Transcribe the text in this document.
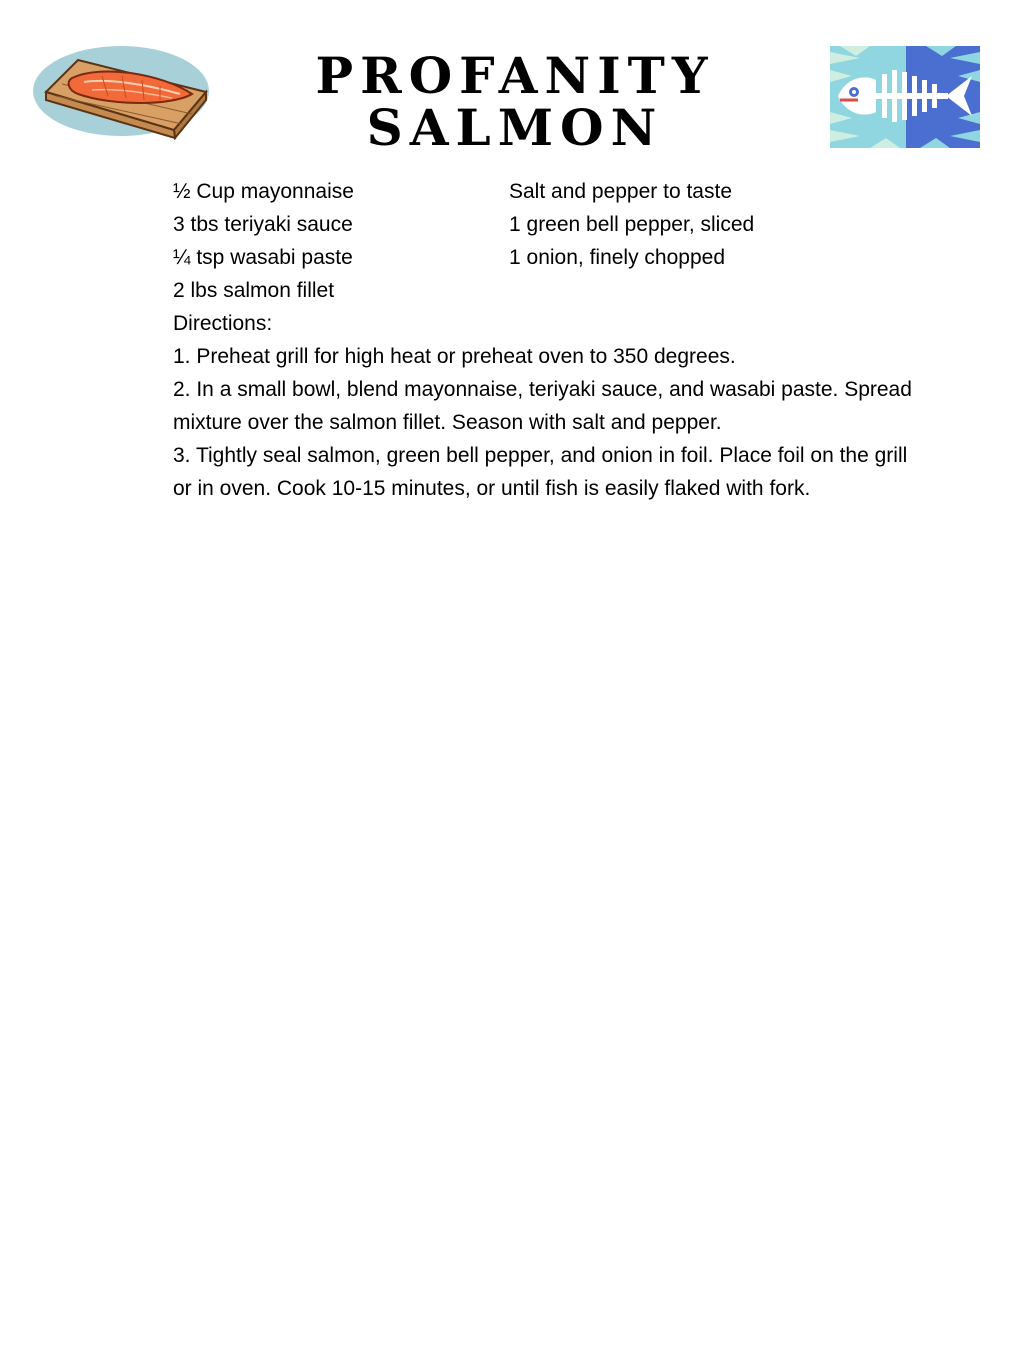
PROFANITY
SALMON
½ Cup mayonnaise	Salt and pepper to taste
3 tbs teriyaki sauce	1 green bell pepper, sliced
¼ tsp wasabi paste	1 onion, finely chopped
2 lbs salmon fillet
Directions:
1. Preheat grill for high heat or preheat oven to 350 degrees.
2. In a small bowl, blend mayonnaise, teriyaki sauce, and wasabi paste. Spread mixture over the salmon fillet. Season with salt and pepper.
3. Tightly seal salmon, green bell pepper, and onion in foil. Place foil on the grill or in oven. Cook 10-15 minutes, or until fish is easily flaked with fork.
